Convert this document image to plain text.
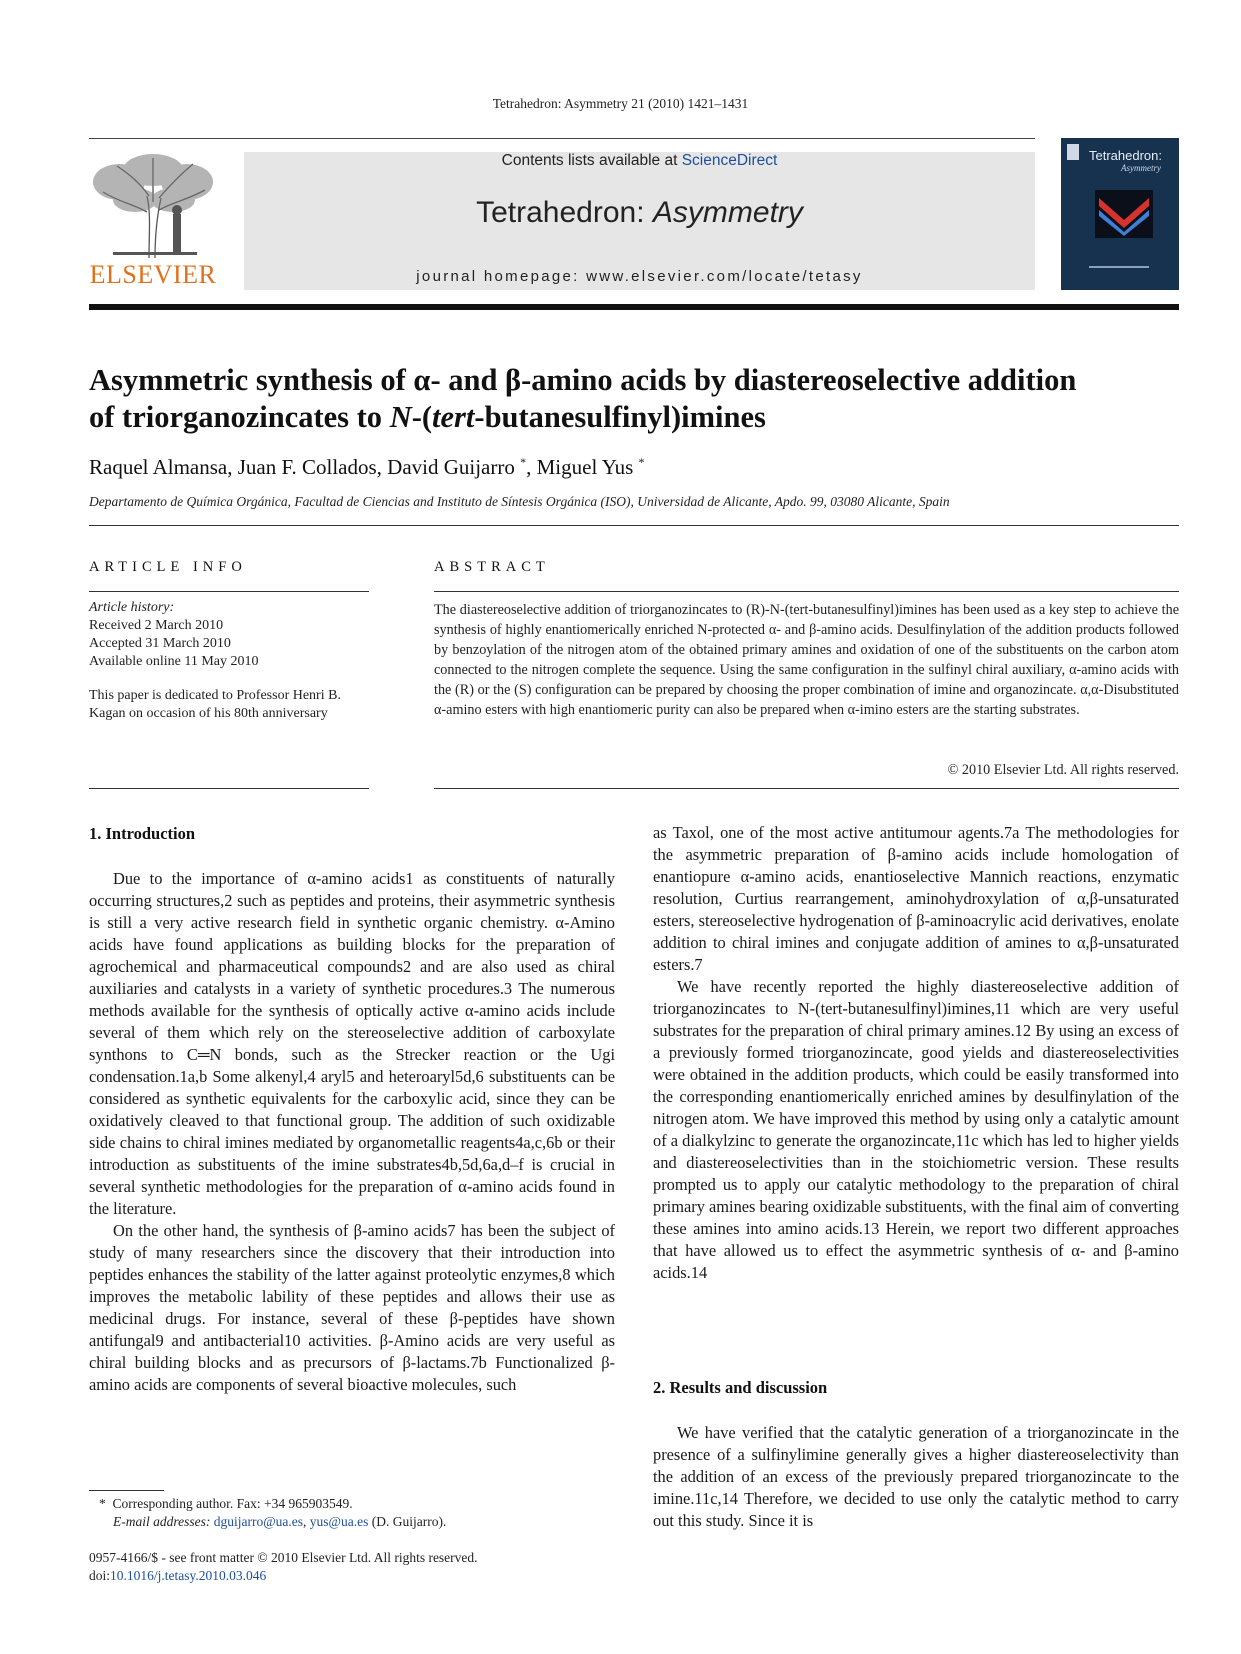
Tetrahedron: Asymmetry 21 (2010) 1421–1431
ELSEVIER
Contents lists available at ScienceDirect
Tetrahedron: Asymmetry
journal homepage: www.elsevier.com/locate/tetasy
Tetrahedron:
Asymmetry
Asymmetric synthesis of α- and β-amino acids by diastereoselective addition
of triorganozincates to N-(tert-butanesulfinyl)imines
Raquel Almansa, Juan F. Collados, David Guijarro *, Miguel Yus *
Departamento de Química Orgánica, Facultad de Ciencias and Instituto de Síntesis Orgánica (ISO), Universidad de Alicante, Apdo. 99, 03080 Alicante, Spain
ARTICLE INFO
Article history:
Received 2 March 2010
Accepted 31 March 2010
Available online 11 May 2010
This paper is dedicated to Professor Henri B.
Kagan on occasion of his 80th anniversary
ABSTRACT

The diastereoselective addition of triorganozincates to (R)-N-(tert-butanesulfinyl)imines has been used as a key step to achieve the synthesis of highly enantiomerically enriched N-protected α- and β-amino acids. Desulfinylation of the addition products followed by benzoylation of the nitrogen atom of the obtained primary amines and oxidation of one of the substituents on the carbon atom connected to the nitrogen complete the sequence. Using the same configuration in the sulfinyl chiral auxiliary, α-amino acids with the (R) or the (S) configuration can be prepared by choosing the proper combination of imine and organozincate. α,α-Disubstituted α-amino esters with high enantiomeric purity can also be prepared when α-imino esters are the starting substrates.

© 2010 Elsevier Ltd. All rights reserved.
1. Introduction

Due to the importance of α-amino acids1 as constituents of naturally occurring structures,2 such as peptides and proteins, their asymmetric synthesis is still a very active research field in synthetic organic chemistry. α-Amino acids have found applications as building blocks for the preparation of agrochemical and pharmaceutical compounds2 and are also used as chiral auxiliaries and catalysts in a variety of synthetic procedures.3 The numerous methods available for the synthesis of optically active α-amino acids include several of them which rely on the stereoselective addition of carboxylate synthons to C═N bonds, such as the Strecker reaction or the Ugi condensation.1a,b Some alkenyl,4 aryl5 and heteroaryl5d,6 substituents can be considered as synthetic equivalents for the carboxylic acid, since they can be oxidatively cleaved to that functional group. The addition of such oxidizable side chains to chiral imines mediated by organometallic reagents4a,c,6b or their introduction as substituents of the imine substrates4b,5d,6a,d–f is crucial in several synthetic methodologies for the preparation of α-amino acids found in the literature.

On the other hand, the synthesis of β-amino acids7 has been the subject of study of many researchers since the discovery that their introduction into peptides enhances the stability of the latter against proteolytic enzymes,8 which improves the metabolic lability of these peptides and allows their use as medicinal drugs. For instance, several of these β-peptides have shown antifungal9 and antibacterial10 activities. β-Amino acids are very useful as chiral building blocks and as precursors of β-lactams.7b Functionalized β-amino acids are components of several bioactive molecules, such

as Taxol, one of the most active antitumour agents.7a The methodologies for the asymmetric preparation of β-amino acids include homologation of enantiopure α-amino acids, enantioselective Mannich reactions, enzymatic resolution, Curtius rearrangement, aminohydroxylation of α,β-unsaturated esters, stereoselective hydrogenation of β-aminoacrylic acid derivatives, enolate addition to chiral imines and conjugate addition of amines to α,β-unsaturated esters.7

We have recently reported the highly diastereoselective addition of triorganozincates to N-(tert-butanesulfinyl)imines,11 which are very useful substrates for the preparation of chiral primary amines.12 By using an excess of a previously formed triorganozincate, good yields and diastereoselectivities were obtained in the addition products, which could be easily transformed into the corresponding enantiomerically enriched amines by desulfinylation of the nitrogen atom. We have improved this method by using only a catalytic amount of a dialkylzinc to generate the organozincate,11c which has led to higher yields and diastereoselectivities than in the stoichiometric version. These results prompted us to apply our catalytic methodology to the preparation of chiral primary amines bearing oxidizable substituents, with the final aim of converting these amines into amino acids.13 Herein, we report two different approaches that have allowed us to effect the asymmetric synthesis of α- and β-amino acids.14

2. Results and discussion

We have verified that the catalytic generation of a triorganozincate in the presence of a sulfinylimine generally gives a higher diastereoselectivity than the addition of an excess of the previously prepared triorganozincate to the imine.11c,14 Therefore, we decided to use only the catalytic method to carry out this study. Since it is

* Corresponding author. Fax: +34 965903549.
E-mail addresses: dguijarro@ua.es, yus@ua.es (D. Guijarro).
0957-4166/$ - see front matter © 2010 Elsevier Ltd. All rights reserved.
doi:10.1016/j.tetasy.2010.03.046
